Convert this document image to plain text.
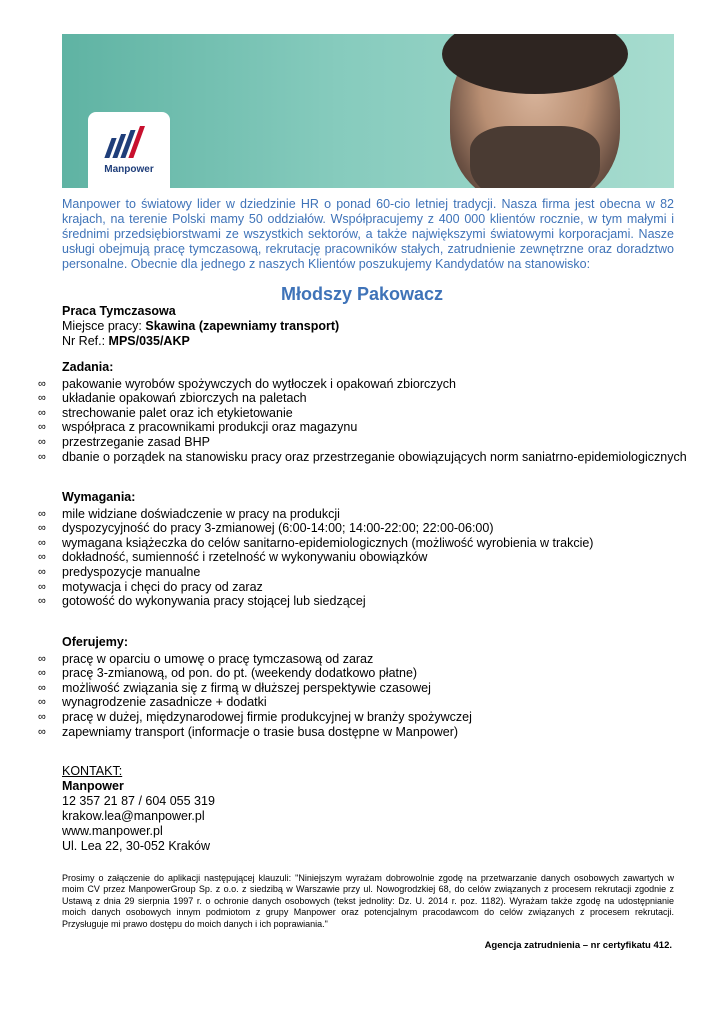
Manpower
Manpower to światowy lider w dziedzinie HR o ponad 60-cio letniej tradycji. Nasza firma jest obecna w 82 krajach, na terenie Polski mamy 50 oddziałów. Współpracujemy z 400 000 klientów rocznie, w tym małymi i średnimi przedsiębiorstwami ze wszystkich sektorów, a także największymi światowymi korporacjami. Nasze usługi obejmują pracę tymczasową, rekrutację pracowników stałych, zatrudnienie zewnętrzne oraz doradztwo personalne. Obecnie dla jednego z naszych Klientów poszukujemy Kandydatów na stanowisko:
Młodszy Pakowacz
Praca Tymczasowa
Miejsce pracy: Skawina (zapewniamy transport)
Nr Ref.: MPS/035/AKP
Zadania:
∞ pakowanie wyrobów spożywczych do wytłoczek i opakowań zbiorczych
∞ układanie opakowań zbiorczych na paletach
∞ strechowanie palet oraz ich etykietowanie
∞ współpraca z pracownikami produkcji oraz magazynu
∞ przestrzeganie zasad BHP
∞ dbanie o porządek na stanowisku pracy oraz przestrzeganie obowiązujących norm saniatrno-epidemiologicznych
Wymagania:
∞ mile widziane doświadczenie w pracy na produkcji
∞ dyspozycyjność do pracy 3-zmianowej (6:00-14:00; 14:00-22:00; 22:00-06:00)
∞ wymagana książeczka do celów sanitarno-epidemiologicznych (możliwość wyrobienia w trakcie)
∞ dokładność, sumienność i rzetelność w wykonywaniu obowiązków
∞ predyspozycje manualne
∞ motywacja i chęci do pracy od zaraz
∞ gotowość do wykonywania pracy stojącej lub siedzącej
Oferujemy:
∞ pracę w oparciu o umowę o pracę tymczasową od zaraz
∞ pracę 3-zmianową, od pon. do pt. (weekendy dodatkowo płatne)
∞ możliwość związania się z firmą w dłuższej perspektywie czasowej
∞ wynagrodzenie zasadnicze + dodatki
∞ pracę w dużej, międzynarodowej firmie produkcyjnej w branży spożywczej
∞ zapewniamy transport (informacje o trasie busa dostępne w Manpower)
KONTAKT:
Manpower
12 357 21 87 / 604 055 319
krakow.lea@manpower.pl
www.manpower.pl
Ul. Lea 22, 30-052 Kraków
Prosimy o załączenie do aplikacji następującej klauzuli: "Niniejszym wyrażam dobrowolnie zgodę na przetwarzanie danych osobowych zawartych w moim CV przez ManpowerGroup Sp. z o.o. z siedzibą w Warszawie przy ul. Nowogrodzkiej 68, do celów związanych z procesem rekrutacji zgodnie z Ustawą z dnia 29 sierpnia 1997 r. o ochronie danych osobowych (tekst jednolity: Dz. U. 2014 r. poz. 1182). Wyrażam także zgodę na udostępnianie moich danych osobowych innym podmiotom z grupy Manpower oraz potencjalnym pracodawcom do celów związanych z procesem rekrutacji. Przysługuje mi prawo dostępu do moich danych i ich poprawiania."
Agencja zatrudnienia – nr certyfikatu 412.
